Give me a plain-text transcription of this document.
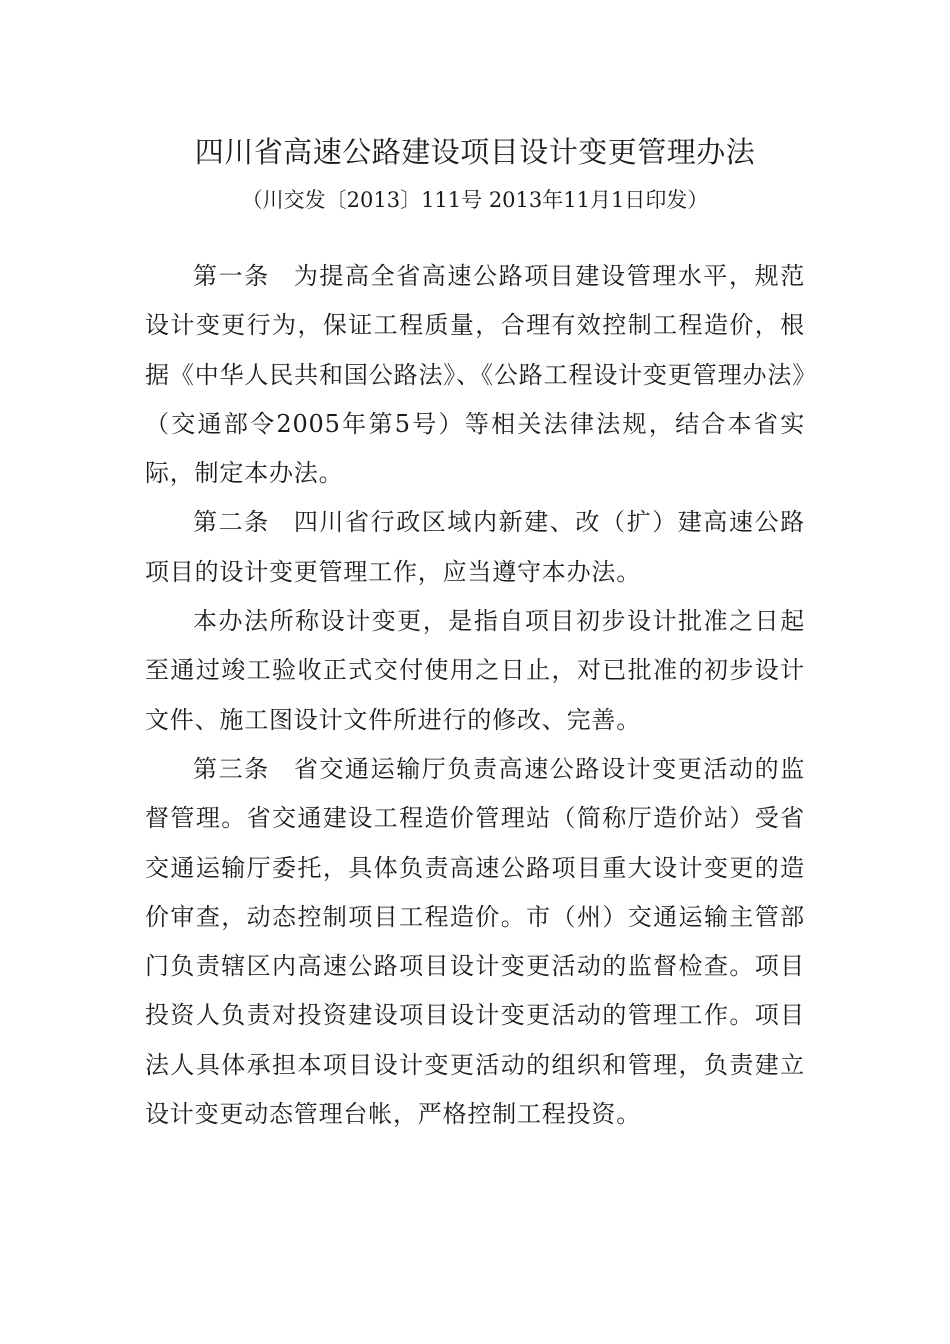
四川省高速公路建设项目设计变更管理办法
（川交发〔2013〕111号 2013年11月1日印发）

第一条 为提高全省高速公路项目建设管理水平，规范设计变更行为，保证工程质量，合理有效控制工程造价，根据《中华人民共和国公路法》、《公路工程设计变更管理办法》（交通部令2005年第5号）等相关法律法规，结合本省实际，制定本办法。

第二条 四川省行政区域内新建、改（扩）建高速公路项目的设计变更管理工作，应当遵守本办法。

本办法所称设计变更，是指自项目初步设计批准之日起至通过竣工验收正式交付使用之日止，对已批准的初步设计文件、施工图设计文件所进行的修改、完善。

第三条 省交通运输厅负责高速公路设计变更活动的监督管理。省交通建设工程造价管理站（简称厅造价站）受省交通运输厅委托，具体负责高速公路项目重大设计变更的造价审查，动态控制项目工程造价。市（州）交通运输主管部门负责辖区内高速公路项目设计变更活动的监督检查。项目投资人负责对投资建设项目设计变更活动的管理工作。项目法人具体承担本项目设计变更活动的组织和管理，负责建立设计变更动态管理台帐，严格控制工程投资。
